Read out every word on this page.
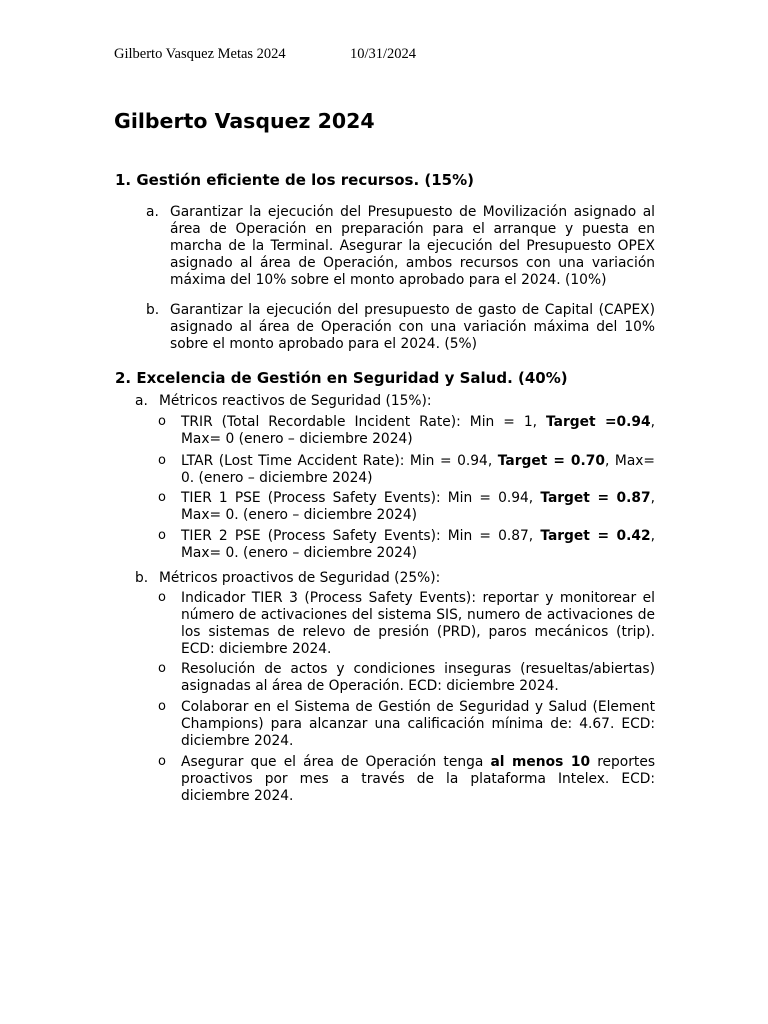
Gilberto Vasquez Metas 2024	10/31/2024
Gilberto Vasquez 2024
1. Gestión eficiente de los recursos. (15%)
a. Garantizar la ejecución del Presupuesto de Movilización asignado al área de Operación en preparación para el arranque y puesta en marcha de la Terminal. Asegurar la ejecución del Presupuesto OPEX asignado al área de Operación, ambos recursos con una variación máxima del 10% sobre el monto aprobado para el 2024. (10%)
b. Garantizar la ejecución del presupuesto de gasto de Capital (CAPEX) asignado al área de Operación con una variación máxima del 10% sobre el monto aprobado para el 2024. (5%)
2. Excelencia de Gestión en Seguridad y Salud. (40%)
a. Métricos reactivos de Seguridad (15%):
o TRIR (Total Recordable Incident Rate): Min = 1, Target =0.94, Max= 0 (enero – diciembre 2024)
o LTAR (Lost Time Accident Rate): Min = 0.94, Target = 0.70, Max= 0. (enero – diciembre 2024)
o TIER 1 PSE (Process Safety Events): Min = 0.94, Target = 0.87, Max= 0. (enero – diciembre 2024)
o TIER 2 PSE (Process Safety Events): Min = 0.87, Target = 0.42, Max= 0. (enero – diciembre 2024)
b. Métricos proactivos de Seguridad (25%):
o Indicador TIER 3 (Process Safety Events): reportar y monitorear el número de activaciones del sistema SIS, numero de activaciones de los sistemas de relevo de presión (PRD), paros mecánicos (trip). ECD: diciembre 2024.
o Resolución de actos y condiciones inseguras (resueltas/abiertas) asignadas al área de Operación. ECD: diciembre 2024.
o Colaborar en el Sistema de Gestión de Seguridad y Salud (Element Champions) para alcanzar una calificación mínima de: 4.67. ECD: diciembre 2024.
o Asegurar que el área de Operación tenga al menos 10 reportes proactivos por mes a través de la plataforma Intelex. ECD: diciembre 2024.
